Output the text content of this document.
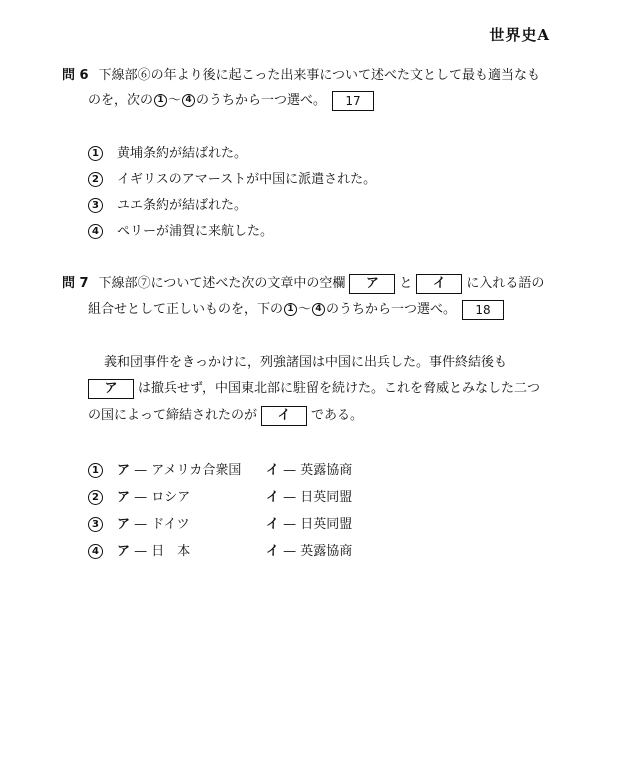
世界史A
問 6 下線部⑥の年より後に起こった出来事について述べた文として最も適当なも
のを，次の 1 〜 4 のうちから一つ選べ。 17
1 黄埔条約が結ばれた。
2 イギリスのアマーストが中国に派遣された。
3 ユエ条約が結ばれた。
4 ペリーが浦賀に来航した。
問 7 下線部⑦について述べた次の文章中の空欄 ア と イ に入れる語の
組合せとして正しいものを，下の 1 〜 4 のうちから一つ選べ。 18
義和団事件をきっかけに，列強諸国は中国に出兵した。事件終結後も
ア は撤兵せず，中国東北部に駐留を続けた。これを脅威とみなした二つ
の国によって締結されたのが イ である。
1 ア — アメリカ合衆国 イ — 英露協商
2 ア — ロシア	イ — 日英同盟
3 ア — ドイツ	イ — 日英同盟
4 ア — 日　本	イ — 英露協商
